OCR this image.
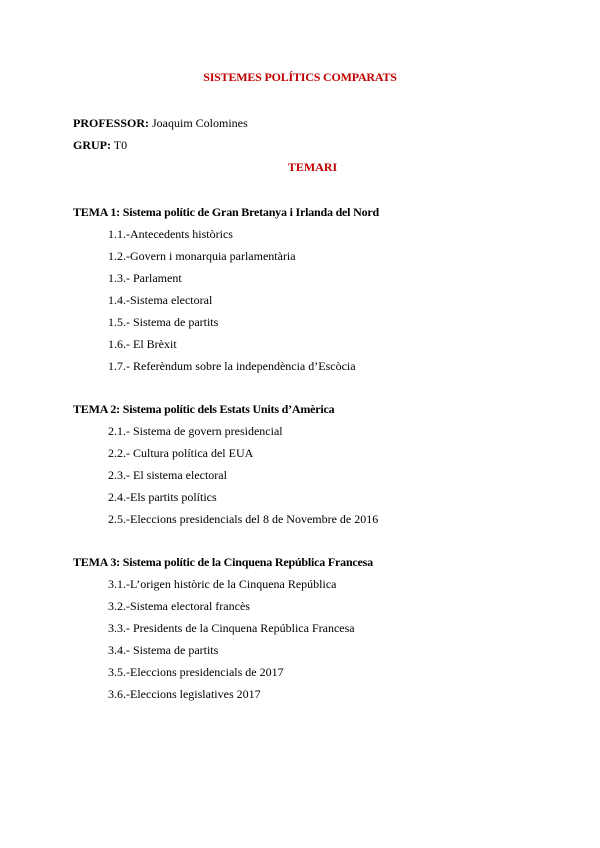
SISTEMES POLÍTICS COMPARATS
PROFESSOR: Joaquim Colomines
GRUP: T0
TEMARI
TEMA 1: Sistema polític de Gran Bretanya i Irlanda del Nord
1.1.-Antecedents històrics
1.2.-Govern i monarquia parlamentària
1.3.- Parlament
1.4.-Sistema electoral
1.5.- Sistema de partits
1.6.- El Brèxit
1.7.- Referèndum sobre la independència d’Escòcia
TEMA 2: Sistema polític dels Estats Units d’Amèrica
2.1.- Sistema de govern presidencial
2.2.- Cultura política del EUA
2.3.- El sistema electoral
2.4.-Els partits polítics
2.5.-Eleccions presidencials del 8 de Novembre de 2016
TEMA 3: Sistema polític de la Cinquena República Francesa
3.1.-L’origen històric de la Cinquena República
3.2.-Sistema electoral francès
3.3.- Presidents de la Cinquena República Francesa
3.4.- Sistema de partits
3.5.-Eleccions presidencials de 2017
3.6.-Eleccions legislatives 2017
